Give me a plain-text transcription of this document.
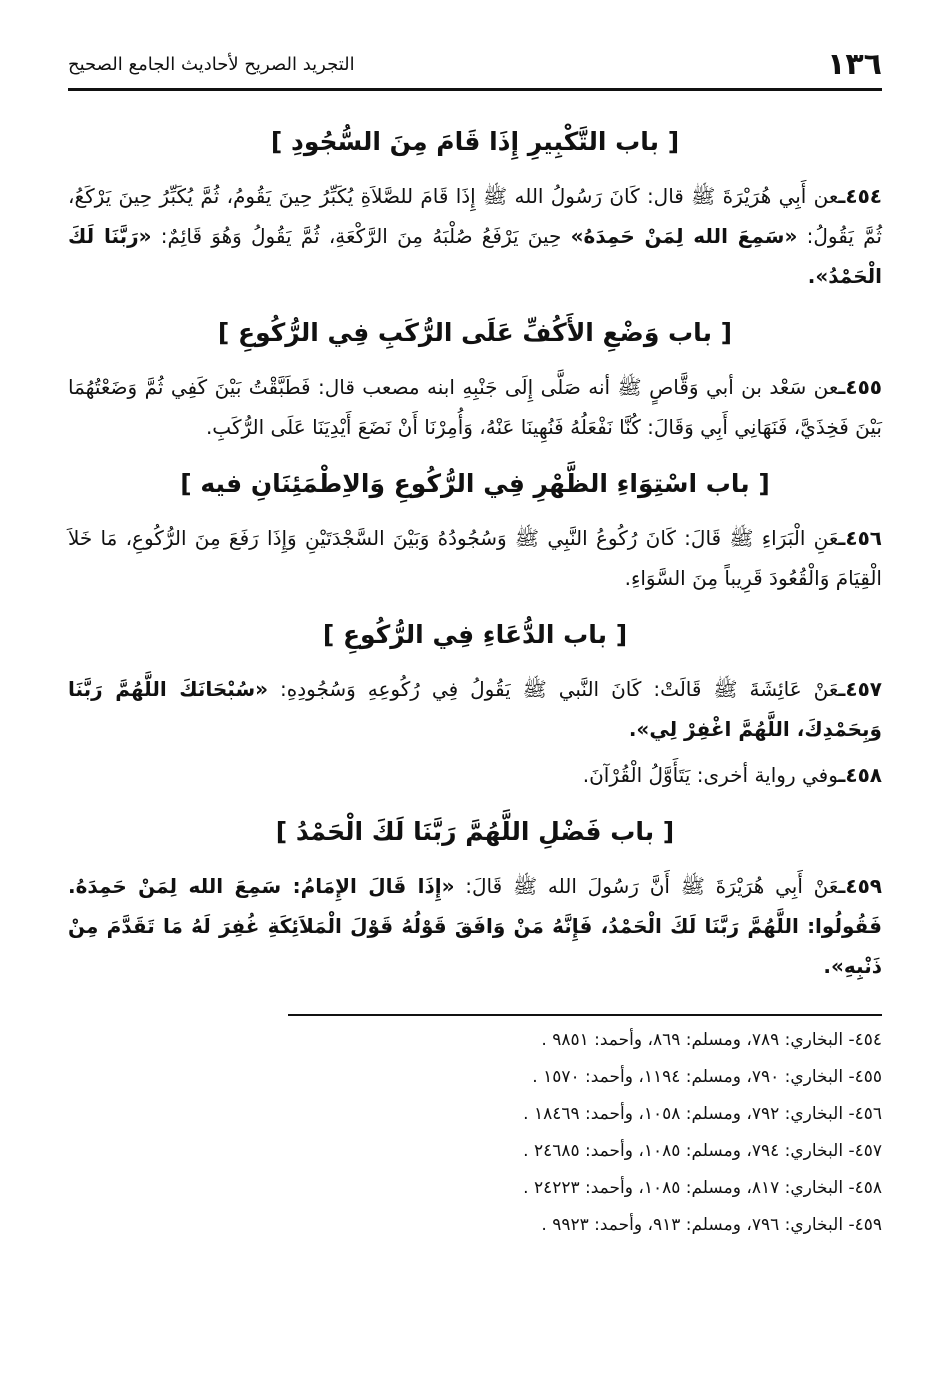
١٣٦
التجريد الصريح لأحاديث الجامع الصحيح
[ باب التَّكْبِيرِ إِذَا قَامَ مِنَ السُّجُودِ ]

٤٥٤ـعن أَبِي هُرَيْرَةَ ﷺ قال: كَانَ رَسُولُ الله ﷺ إِذَا قَامَ للصَّلاَةِ يُكَبِّرُ حِينَ يَقُومُ، ثُمَّ يُكَبِّرُ حِينَ يَرْكَعُ، ثُمَّ يَقُولُ: «سَمِعَ الله لِمَنْ حَمِدَهُ» حِينَ يَرْفَعُ صُلْبَهُ مِنَ الرَّكْعَةِ، ثُمَّ يَقُولُ وَهُوَ قَائِمٌ: «رَبَّنَا لَكَ الْحَمْدُ».

[ باب وَضْعِ الأَكُفِّ عَلَى الرُّكَبِ فِي الرُّكُوعِ ]

٤٥٥ـعن سَعْد بن أبي وَقَّاصٍ ﷺ أنه صَلَّى إِلَى جَنْبِهِ ابنه مصعب قال: فَطَبَّقْتُ بَيْنَ كَفِي ثُمَّ وَضَعْتُهُمَا بَيْنَ فَخِذَيَّ، فَنَهَانِي أَبِي وَقَالَ: كُنَّا نَفْعَلُهُ فَنُهِينَا عَنْهُ، وَأُمِرْنَا أَنْ نَضَعَ أَيْدِيَنَا عَلَى الرُّكَبِ.

[ باب اسْتِوَاءِ الظَّهْرِ فِي الرُّكُوعِ وَالاِطْمَئِنَانِ فيه ]

٤٥٦ـعَنِ الْبَرَاءِ ﷺ قَالَ: كَانَ رُكُوعُ النَّبِي ﷺ وَسُجُودُهُ وَبَيْنَ السَّجْدَتَيْنِ وَإِذَا رَفَعَ مِنَ الرُّكُوعِ، مَا خَلاَ الْقِيَامَ وَالْقُعُودَ قَرِيباً مِنَ السَّوَاءِ.

[ باب الدُّعَاءِ فِي الرُّكُوعِ ]

٤٥٧ـعَنْ عَائِشَةَ ﷺ قَالَتْ: كَانَ النَّبي ﷺ يَقُولُ فِي رُكُوعِهِ وَسُجُودِهِ: «سُبْحَانَكَ اللَّهُمَّ رَبَّنَا وَبِحَمْدِكَ، اللَّهُمَّ اغْفِرْ لِي».

٤٥٨ـوفي رواية أخرى: يَتَأَوَّلُ الْقُرْآنَ.

[ باب فَضْلِ اللَّهُمَّ رَبَّنَا لَكَ الْحَمْدُ ]

٤٥٩ـعَنْ أَبِي هُرَيْرَةَ ﷺ أَنَّ رَسُولَ الله ﷺ قَالَ: «إِذَا قَالَ الإِمَامُ: سَمِعَ الله لِمَنْ حَمِدَهُ. فَقُولُوا: اللَّهُمَّ رَبَّنَا لَكَ الْحَمْدُ، فَإِنَّهُ مَنْ وَافَقَ قَوْلُهُ قَوْلَ الْمَلاَئِكَةِ غُفِرَ لَهُ مَا تَقَدَّمَ مِنْ ذَنْبِهِ».

٤٥٤- البخاري: ٧٨٩، ومسلم: ٨٦٩، وأحمد: ٩٨٥١ .
٤٥٥- البخاري: ٧٩٠، ومسلم: ١١٩٤، وأحمد: ١٥٧٠ .
٤٥٦- البخاري: ٧٩٢، ومسلم: ١٠٥٨، وأحمد: ١٨٤٦٩ .
٤٥٧- البخاري: ٧٩٤، ومسلم: ١٠٨٥، وأحمد: ٢٤٦٨٥ .
٤٥٨- البخاري: ٨١٧، ومسلم: ١٠٨٥، وأحمد: ٢٤٢٢٣ .
٤٥٩- البخاري: ٧٩٦، ومسلم: ٩١٣، وأحمد: ٩٩٢٣ .
